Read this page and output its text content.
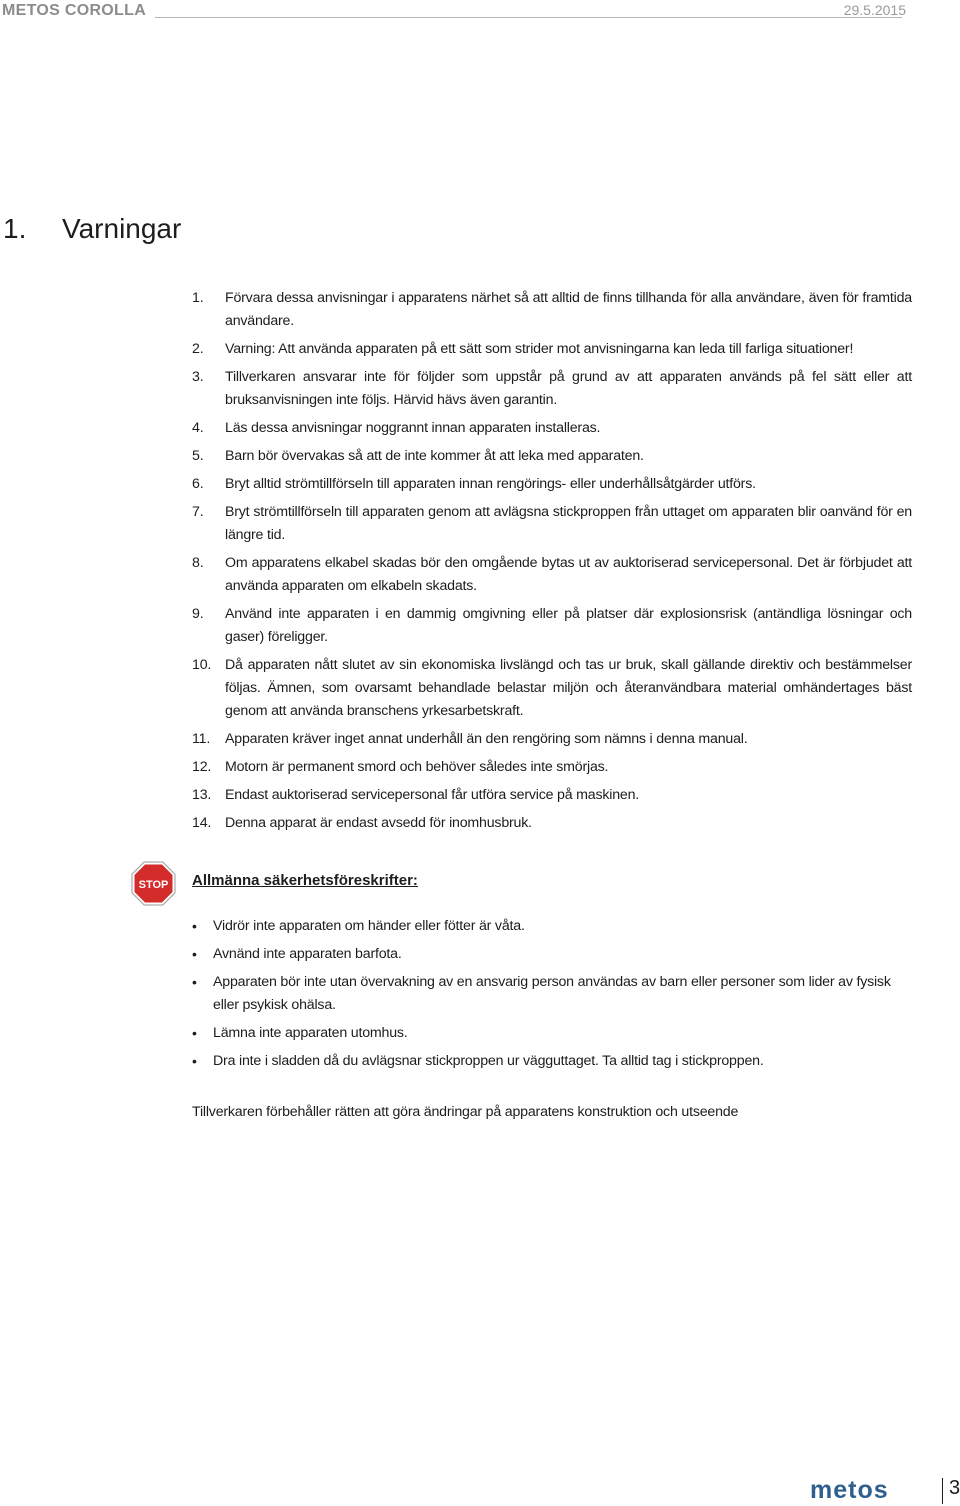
METOS COROLLA	29.5.2015
1. Varningar
1.	Förvara dessa anvisningar i apparatens närhet så att alltid de finns tillhanda för alla användare, även för framtida användare.
2.	Varning: Att använda apparaten på ett sätt som strider mot anvisningarna kan leda till farliga situationer!
3.	Tillverkaren ansvarar inte för följder som uppstår på grund av att apparaten används på fel sätt eller att bruksanvisningen inte följs. Härvid hävs även garantin.
4.	Läs dessa anvisningar noggrannt innan apparaten installeras.
5.	Barn bör övervakas så att de inte kommer åt att leka med apparaten.
6.	Bryt alltid strömtillförseln till apparaten innan rengörings- eller underhållsåtgärder utförs.
7.	Bryt strömtillförseln till apparaten genom att avlägsna stickproppen från uttaget om apparaten blir oanvänd för en längre tid.
8.	Om apparatens elkabel skadas bör den omgående bytas ut av auktoriserad servicepersonal. Det är förbjudet att använda apparaten om elkabeln skadats.
9.	Använd inte apparaten i en dammig omgivning eller på platser där explosionsrisk (antändliga lösningar och gaser) föreligger.
10. Då apparaten nått slutet av sin ekonomiska livslängd och tas ur bruk, skall gällande direktiv och bestämmelser följas. Ämnen, som ovarsamt behandlade belastar miljön och återanvändbara material omhändertages bäst genom att använda branschens yrkesarbetskraft.
11.	Apparaten kräver inget annat underhåll än den rengöring som nämns i denna manual.
12. Motorn är permanent smord och behöver således inte smörjas.
13. Endast auktoriserad servicepersonal får utföra service på maskinen.
14. Denna apparat är endast avsedd för inomhusbruk.
STOP Allmänna säkerhetsföreskrifter:
•	Vidrör inte apparaten om händer eller fötter är våta.
•	Avnänd inte apparaten barfota.
•	Apparaten bör inte utan övervakning av en ansvarig person användas av barn eller personer som lider av fysisk eller psykisk ohälsa.
•	Lämna inte apparaten utomhus.
•	Dra inte i sladden då du avlägsnar stickproppen ur vägguttaget. Ta alltid tag i stickproppen.
Tillverkaren förbehåller rätten att göra ändringar på apparatens konstruktion och utseende
metos	3
